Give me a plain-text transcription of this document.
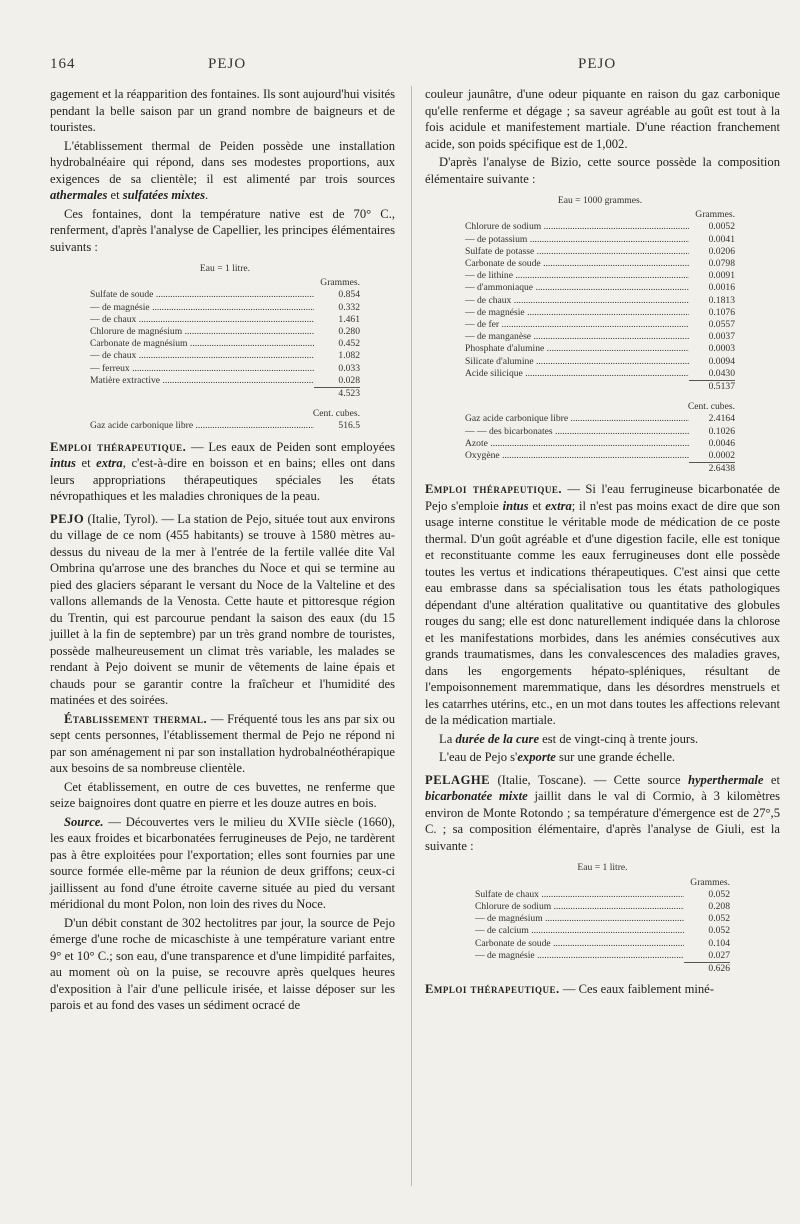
164	PEJO	PEJO

gagement et la réapparition des fontaines. Ils sont aujourd'hui visités pendant la belle saison par un grand nombre de baigneurs et de touristes.

L'établissement thermal de Peiden possède une installation hydrobalnéaire qui répond, dans ses modestes proportions, aux exigences de sa clientèle; il est alimenté par trois sources athermales et sulfatées mixtes.

Ces fontaines, dont la température native est de 70° C., renferment, d'après l'analyse de Capellier, les principes élémentaires suivants :

Eau = 1 litre.
Grammes.
Sulfate de soude .....	0.854
— de magnésie .....	0.332
— de chaux .....	1.461
Chlorure de magnésium .....	0.280
Carbonate de magnésium .....	0.452
— de chaux .....	1.082
— ferreux .....	0.033
Matière extractive .....	0.028
4.523
Cent. cubes.
Gaz acide carbonique libre .....	516.5

Emploi thérapeutique. — Les eaux de Peiden sont employées intus et extra, c'est-à-dire en boisson et en bains; elles ont dans leurs appropriations thérapeutiques spéciales les états névropathiques et les maladies chroniques de la peau.

PEJO (Italie, Tyrol). — La station de Pejo, située tout aux environs du village de ce nom (455 habitants) se trouve à 1580 mètres au-dessus du niveau de la mer à l'entrée de la fertile vallée dite Val Ombrina qu'arrose une des branches du Noce et qui se termine au pied des glaciers séparant le versant du Noce de la Valteline et des vallons allemands de la Venosta. Cette haute et pittoresque région du Trentin, qui est parcourue pendant la saison des eaux (du 15 juillet à la fin de septembre) par un très grand nombre de touristes, possède malheureusement un climat très variable, les malades se rendant à Pejo doivent se munir de vêtements de laine épais et chauds pour se garantir contre la fraîcheur et l'humidité des matinées et des soirées.

Établissement thermal. — Fréquenté tous les ans par six ou sept cents personnes, l'établissement thermal de Pejo ne répond ni par son aménagement ni par son installation hydrobalnéothérapique aux besoins de sa nombreuse clientèle.

Cet établissement, en outre de ces buvettes, ne renferme que seize baignoires dont quatre en pierre et les douze autres en bois.

Source. — Découvertes vers le milieu du XVIIe siècle (1660), les eaux froides et bicarbonatées ferrugineuses de Pejo, ne tardèrent pas à être exploitées pour l'exportation; elles sont fournies par une source formée elle-même par la réunion de deux griffons; ceux-ci jaillissent au fond d'une étroite caverne située au pied du versant méridional du mont Polon, non loin des rives du Noce.

D'un débit constant de 302 hectolitres par jour, la source de Pejo émerge d'une roche de micaschiste à une température variant entre 9° et 10° C.; son eau, d'une transparence et d'une limpidité parfaites, au moment où on la puise, se recouvre après quelques heures d'exposition à l'air d'une pellicule irisée, et laisse déposer sur les parois et au fond des vases un sédiment ocracé de

couleur jaunâtre, d'une odeur piquante en raison du gaz carbonique qu'elle renferme et dégage ; sa saveur agréable au goût est tout à la fois acidule et manifestement martiale. D'une réaction franchement acide, son poids spécifique est de 1,002.

D'après l'analyse de Bizio, cette source possède la composition élémentaire suivante :

Eau = 1000 grammes.
Grammes.
Chlorure de sodium .....	0.0052
— de potassium .....	0.0041
Sulfate de potasse .....	0.0206
Carbonate de soude .....	0.0798
— de lithine .....	0.0091
— d'ammoniaque .....	0.0016
— de chaux .....	0.1813
— de magnésie .....	0.1076
— de fer .....	0.0557
— de manganèse .....	0.0037
Phosphate d'alumine .....	0.0003
Silicate d'alumine .....	0.0094
Acide silicique .....	0.0430
0.5137
Cent. cubes.
Gaz acide carbonique libre .....	2.4164
— — des bicarbonates .....	0.1026
Azote .....	0.0046
Oxygène .....	0.0002
2.6438

Emploi thérapeutique. — Si l'eau ferrugineuse bicarbonatée de Pejo s'emploie intus et extra; il n'est pas moins exact de dire que son usage interne constitue le véritable mode de médication de ce poste thermal. D'un goût agréable et d'une digestion facile, elle est tonique et reconstituante comme les eaux ferrugineuses dont elle possède toutes les vertus et indications thérapeutiques. C'est ainsi que cette eau embrasse dans sa spécialisation tous les états pathologiques dépendant d'une altération qualitative ou quantitative des globules rouges du sang; elle est donc naturellement indiquée dans la chlorose et les manifestations morbides, dans les anémies consécutives aux grands traumatismes, dans les convalescences des maladies graves, dans les engorgements hépato-spléniques, résultant de l'empoisonnement maremmatique, dans les désordres menstruels et les catarrhes utérins, etc., en un mot dans toutes les affections relevant de la médication martiale.

La durée de la cure est de vingt-cinq à trente jours.

L'eau de Pejo s'exporte sur une grande échelle.

PELAGHE (Italie, Toscane). — Cette source hyperthermale et bicarbonatée mixte jaillit dans le val di Cormio, à 3 kilomètres environ de Monte Rotondo ; sa température d'émergence est de 27°,5 C. ; sa composition élémentaire, d'après l'analyse de Giuli, est la suivante :

Eau = 1 litre.
Grammes.
Sulfate de chaux .....	0.052
Chlorure de sodium .....	0.208
— de magnésium .....	0.052
— de calcium .....	0.052
Carbonate de soude .....	0.104
— de magnésie .....	0.027
0.626

Emploi thérapeutique. — Ces eaux faiblement miné-
